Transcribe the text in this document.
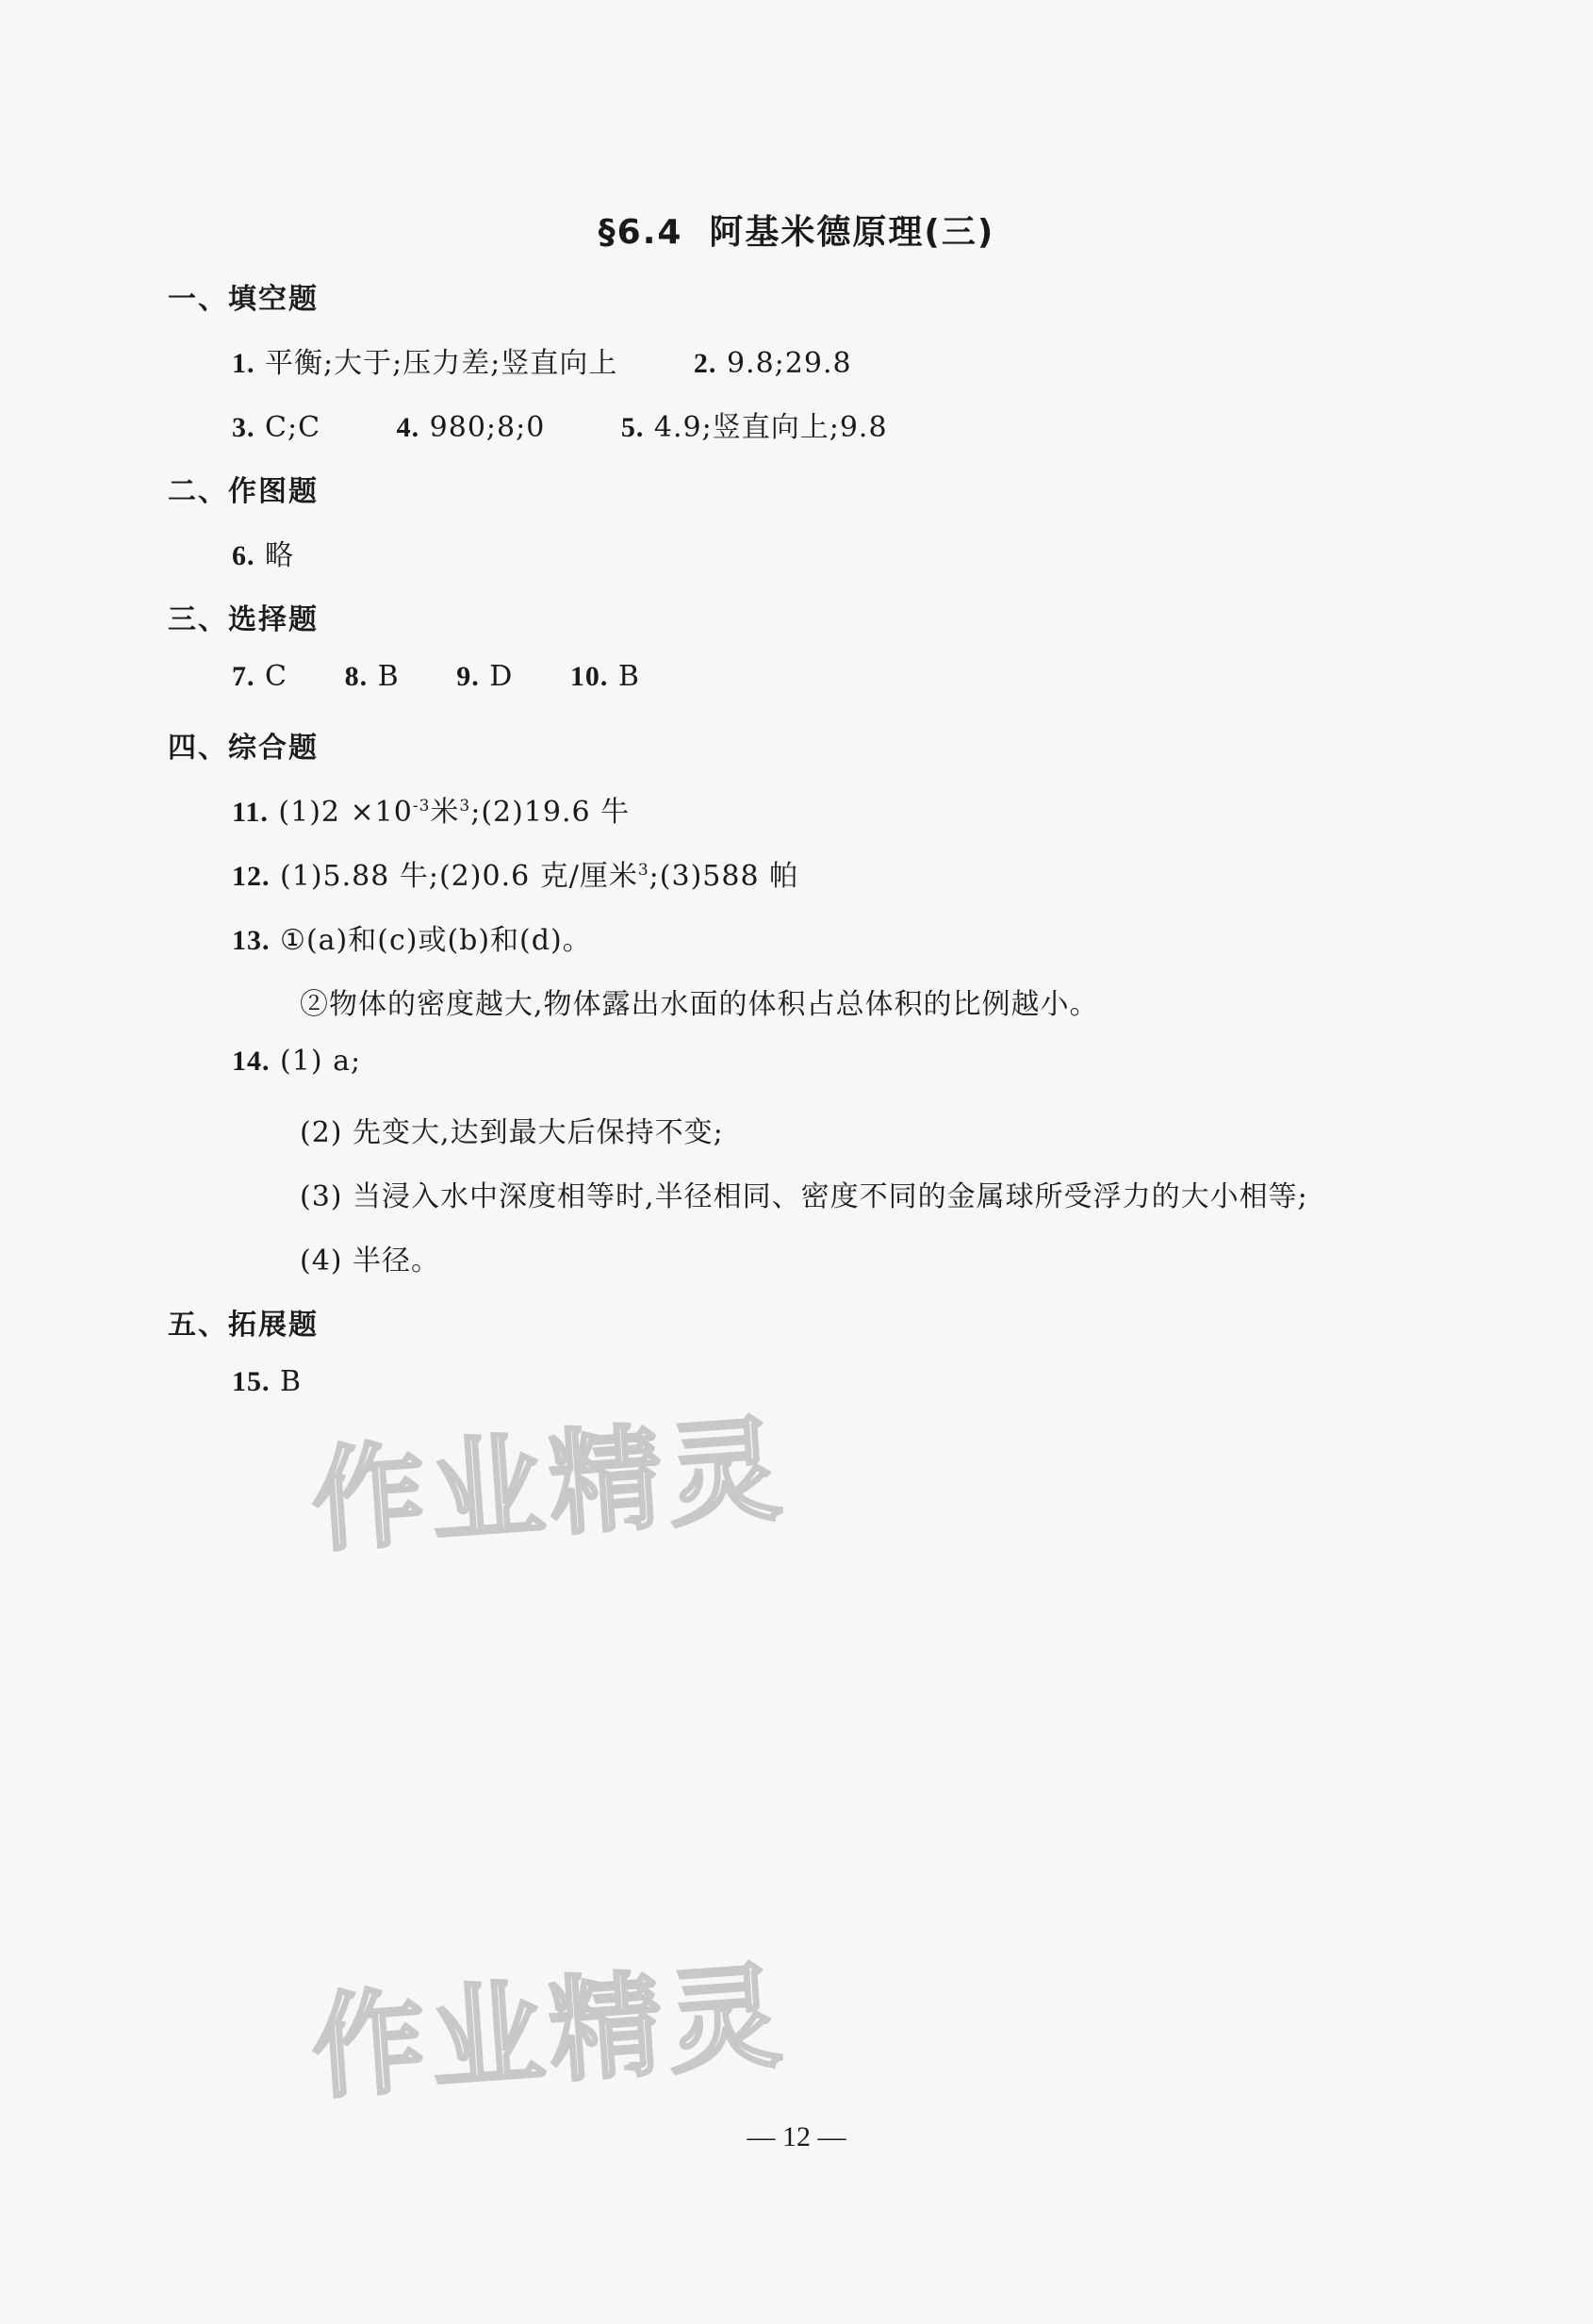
§6.4 阿基米德原理(三)
一、填空题
1. 平衡;大于;压力差;竖直向上	2. 9.8;29.8
3. C;C	4. 980;8;0	5. 4.9;竖直向上;9.8
二、作图题
6. 略
三、选择题
7. C 8. B 9. D 10. B
四、综合题
11. $(1)2 \times 10^{-3}$米$^3$;(2)19.6 牛
12. (1)5.88 牛;(2)0.6 克/厘米$^3$;(3)588 帕
13. ①(a)和(c)或(b)和(d)。
②物体的密度越大,物体露出水面的体积占总体积的比例越小。
14. (1) a;
(2) 先变大,达到最大后保持不变;
(3) 当浸入水中深度相等时,半径相同、密度不同的金属球所受浮力的大小相等;
(4) 半径。
五、拓展题
15. B
作业精灵
作业精灵
— 12 —
